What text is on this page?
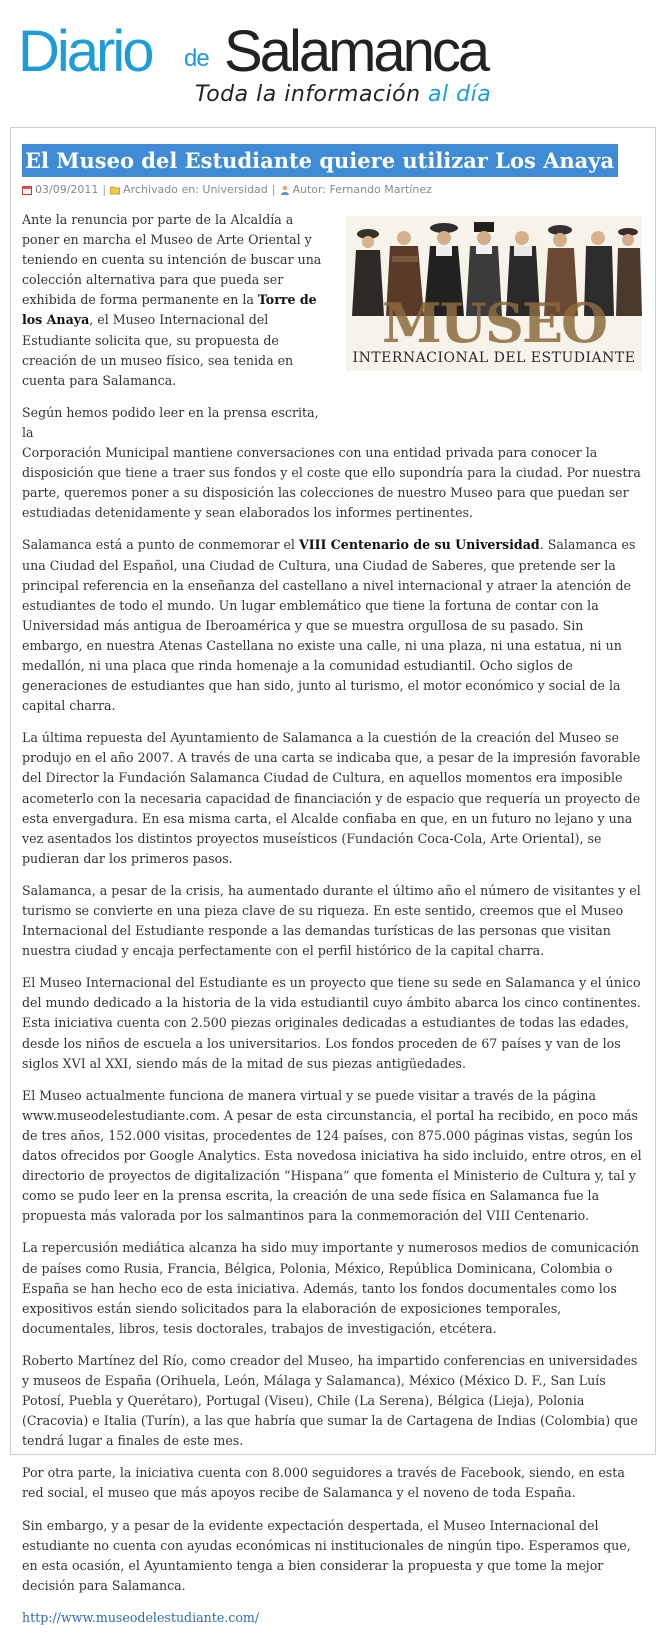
Diario de Salamanca
Toda la información al día
El Museo del Estudiante quiere utilizar Los Anaya
03/09/2011 | Archivado en: Universidad | Autor: Fernando Martínez
MUSEO
INTERNACIONAL DEL ESTUDIANTE

Ante la renuncia por parte de la Alcaldía a poner en marcha el Museo de Arte Oriental y teniendo en cuenta su intención de buscar una colección alternativa para que pueda ser exhibida de forma permanente en la Torre de los Anaya, el Museo Internacional del Estudiante solicita que, su propuesta de creación de un museo físico, sea tenida en cuenta para Salamanca.

Según hemos podido leer en la prensa escrita, la
Corporación Municipal mantiene conversaciones con una entidad privada para conocer la disposición que tiene a traer sus fondos y el coste que ello supondría para la ciudad. Por nuestra parte, queremos poner a su disposición las colecciones de nuestro Museo para que puedan ser estudiadas detenidamente y sean elaborados los informes pertinentes.

Salamanca está a punto de conmemorar el VIII Centenario de su Universidad. Salamanca es una Ciudad del Español, una Ciudad de Cultura, una Ciudad de Saberes, que pretende ser la principal referencia en la enseñanza del castellano a nivel internacional y atraer la atención de estudiantes de todo el mundo. Un lugar emblemático que tiene la fortuna de contar con la Universidad más antigua de Iberoamérica y que se muestra orgullosa de su pasado. Sin embargo, en nuestra Atenas Castellana no existe una calle, ni una plaza, ni una estatua, ni un medallón, ni una placa que rinda homenaje a la comunidad estudiantil. Ocho siglos de generaciones de estudiantes que han sido, junto al turismo, el motor económico y social de la capital charra.

La última repuesta del Ayuntamiento de Salamanca a la cuestión de la creación del Museo se produjo en el año 2007. A través de una carta se indicaba que, a pesar de la impresión favorable del Director la Fundación Salamanca Ciudad de Cultura, en aquellos momentos era imposible acometerlo con la necesaria capacidad de financiación y de espacio que requería un proyecto de esta envergadura. En esa misma carta, el Alcalde confiaba en que, en un futuro no lejano y una vez asentados los distintos proyectos museísticos (Fundación Coca-Cola, Arte Oriental), se pudieran dar los primeros pasos.

Salamanca, a pesar de la crisis, ha aumentado durante el último año el número de visitantes y el turismo se convierte en una pieza clave de su riqueza. En este sentido, creemos que el Museo Internacional del Estudiante responde a las demandas turísticas de las personas que visitan nuestra ciudad y encaja perfectamente con el perfil histórico de la capital charra.

El Museo Internacional del Estudiante es un proyecto que tiene su sede en Salamanca y el único del mundo dedicado a la historia de la vida estudiantil cuyo ámbito abarca los cinco continentes. Esta iniciativa cuenta con 2.500 piezas originales dedicadas a estudiantes de todas las edades, desde los niños de escuela a los universitarios. Los fondos proceden de 67 países y van de los siglos XVI al XXI, siendo más de la mitad de sus piezas antigüedades.

El Museo actualmente funciona de manera virtual y se puede visitar a través de la página www.museodelestudiante.com. A pesar de esta circunstancia, el portal ha recibido, en poco más de tres años, 152.000 visitas, procedentes de 124 países, con 875.000 páginas vistas, según los datos ofrecidos por Google Analytics. Esta novedosa iniciativa ha sido incluido, entre otros, en el directorio de proyectos de digitalización “Hispana” que fomenta el Ministerio de Cultura y, tal y como se pudo leer en la prensa escrita, la creación de una sede física en Salamanca fue la propuesta más valorada por los salmantinos para la conmemoración del VIII Centenario.

La repercusión mediática alcanza ha sido muy importante y numerosos medios de comunicación de países como Rusia, Francia, Bélgica, Polonia, México, República Dominicana, Colombia o España se han hecho eco de esta iniciativa. Además, tanto los fondos documentales como los expositivos están siendo solicitados para la elaboración de exposiciones temporales, documentales, libros, tesis doctorales, trabajos de investigación, etcétera.

Roberto Martínez del Río, como creador del Museo, ha impartido conferencias en universidades y museos de España (Orihuela, León, Málaga y Salamanca), México (México D. F., San Luís Potosí, Puebla y Querétaro), Portugal (Viseu), Chile (La Serena), Bélgica (Lieja), Polonia (Cracovia) e Italia (Turín), a las que habría que sumar la de Cartagena de Indias (Colombia) que tendrá lugar a finales de este mes.

Por otra parte, la iniciativa cuenta con 8.000 seguidores a través de Facebook, siendo, en esta red social, el museo que más apoyos recibe de Salamanca y el noveno de toda España.

Sin embargo, y a pesar de la evidente expectación despertada, el Museo Internacional del estudiante no cuenta con ayudas económicas ni institucionales de ningún tipo. Esperamos que, en esta ocasión, el Ayuntamiento tenga a bien considerar la propuesta y que tome la mejor decisión para Salamanca.

http://www.museodelestudiante.com/
